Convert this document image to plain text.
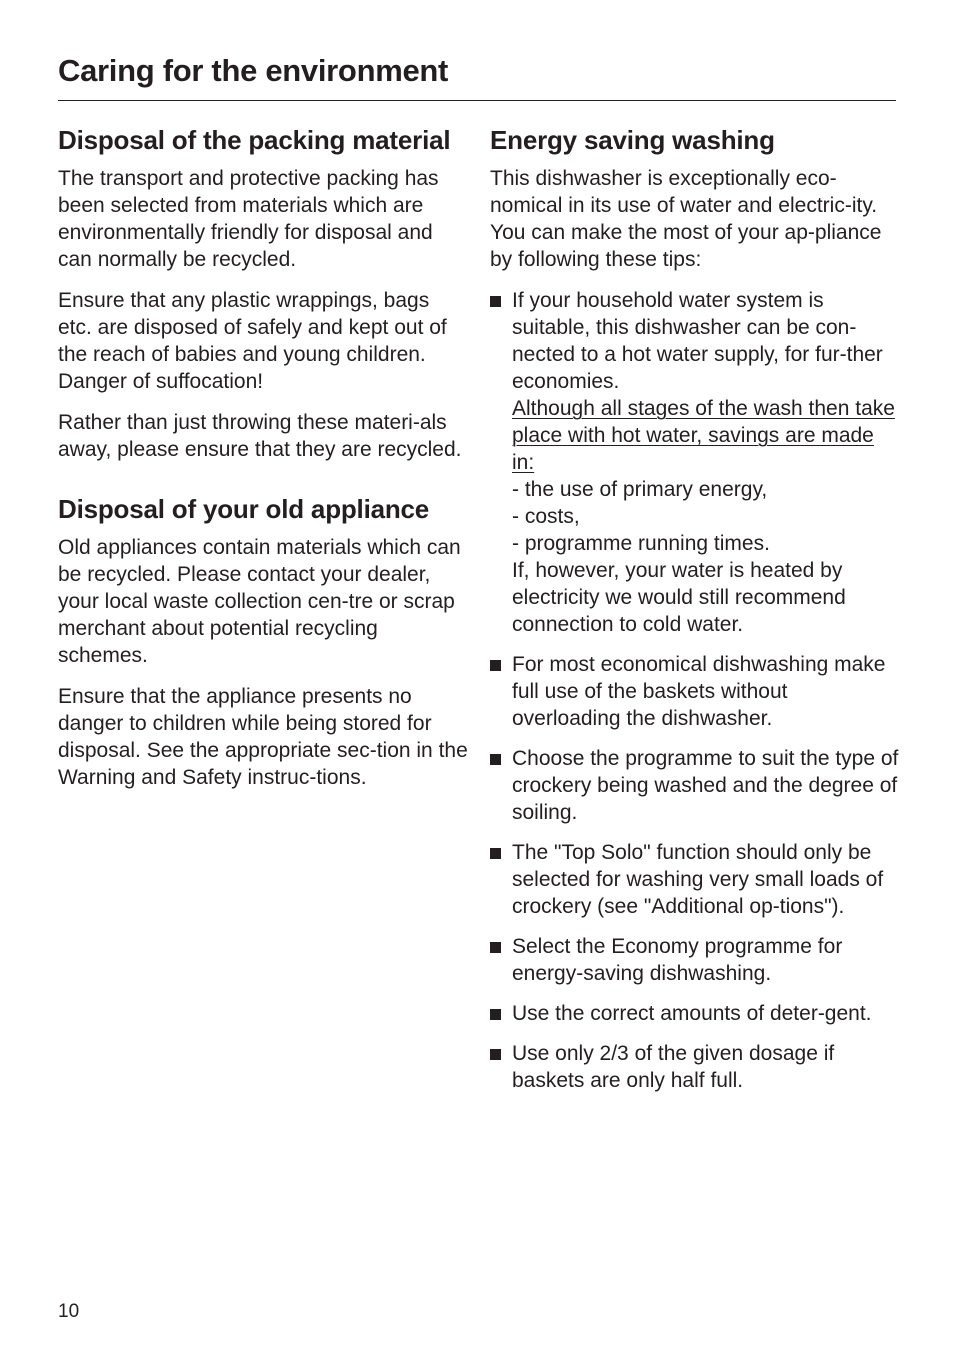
Caring for the environment
Disposal of the packing material

The transport and protective packing has been selected from materials which are environmentally friendly for disposal and can normally be recycled.

Ensure that any plastic wrappings, bags etc. are disposed of safely and kept out of the reach of babies and young children. Danger of suffocation!

Rather than just throwing these materi-als away, please ensure that they are recycled.

Disposal of your old appliance

Old appliances contain materials which can be recycled. Please contact your dealer, your local waste collection cen-tre or scrap merchant about potential recycling schemes.

Ensure that the appliance presents no danger to children while being stored for disposal. See the appropriate sec-tion in the Warning and Safety instruc-tions.

Energy saving washing

This dishwasher is exceptionally eco-nomical in its use of water and electric-ity. You can make the most of your ap-pliance by following these tips:

If your household water system is suitable, this dishwasher can be con-nected to a hot water supply, for fur-ther economies.
Although all stages of the wash then take place with hot water, savings are made in:
- the use of primary energy,
- costs,
- programme running times.
If, however, your water is heated by electricity we would still recommend connection to cold water.
For most economical dishwashing make full use of the baskets without overloading the dishwasher.
Choose the programme to suit the type of crockery being washed and the degree of soiling.
The "Top Solo" function should only be selected for washing very small loads of crockery (see "Additional op-tions").
Select the Economy programme for energy-saving dishwashing.
Use the correct amounts of deter-gent.
Use only 2/3 of the given dosage if baskets are only half full.
10
